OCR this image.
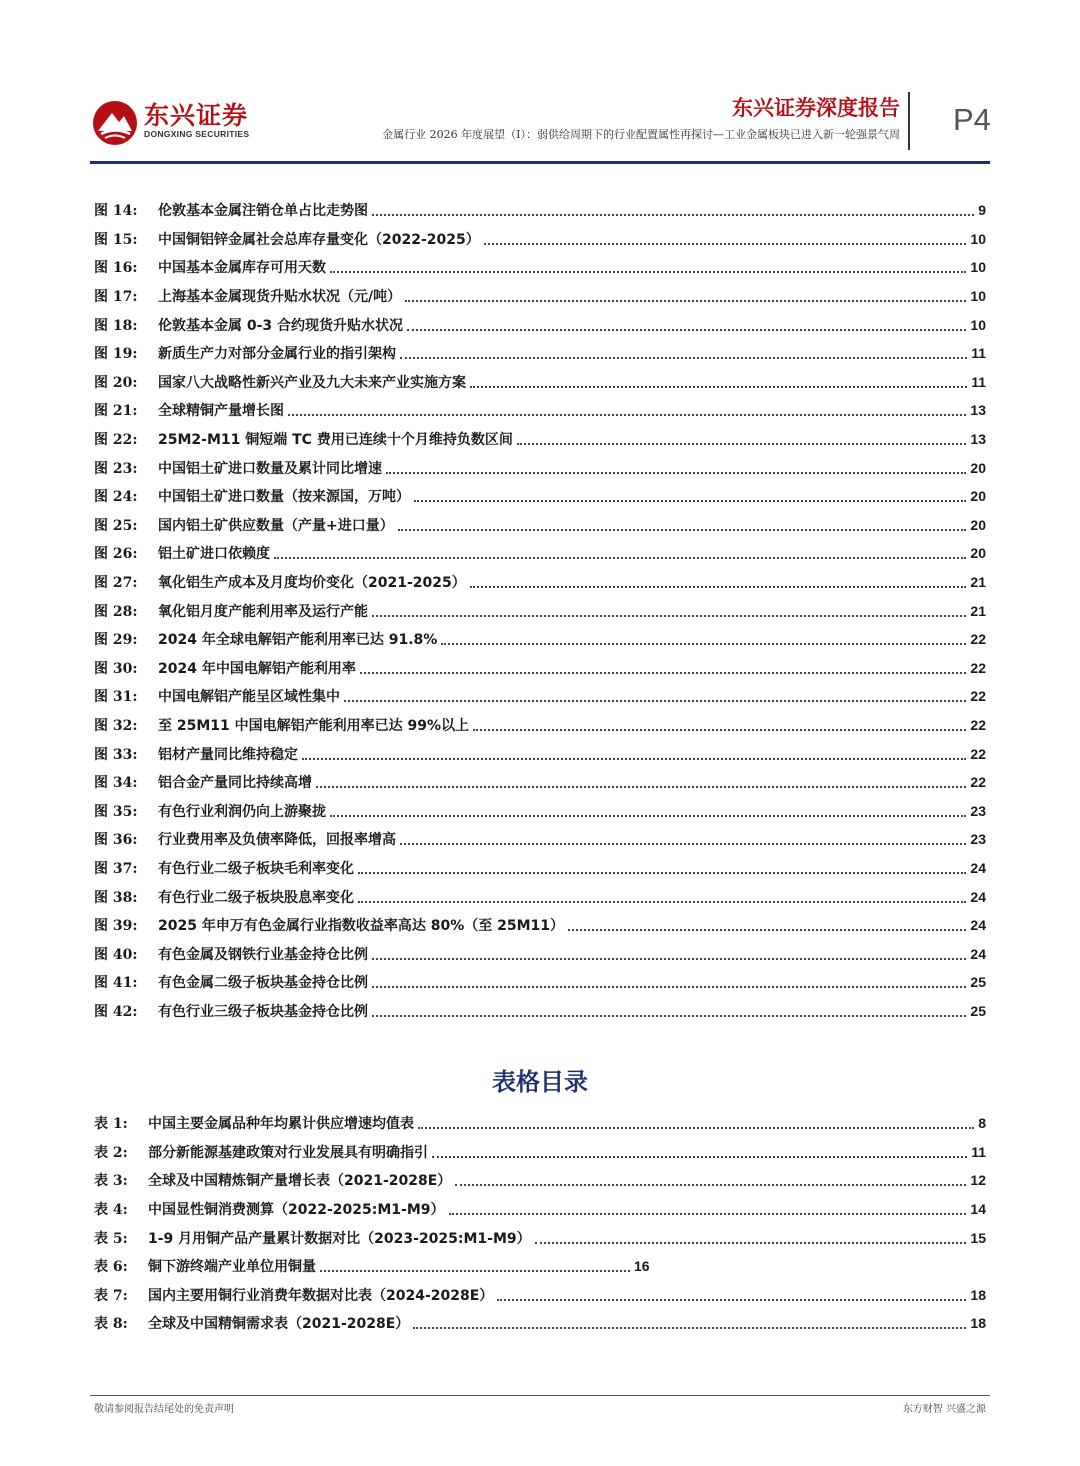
东兴证券
DONGXING SECURITIES
东兴证券深度报告
金属行业 2026 年度展望（I）：弱供给周期下的行业配置属性再探讨—工业金属板块已进入新一轮强景气周 P4
图 14:	伦敦基本金属注销仓单占比走势图	9
图 15:	中国铜铝锌金属社会总库存量变化（2022-2025）	10
图 16:	中国基本金属库存可用天数	10
图 17:	上海基本金属现货升贴水状况（元/吨）	10
图 18:	伦敦基本金属 0-3 合约现货升贴水状况	10
图 19:	新质生产力对部分金属行业的指引架构	11
图 20:	国家八大战略性新兴产业及九大未来产业实施方案	11
图 21:	全球精铜产量增长图	13
图 22:	25M2-M11 铜短端 TC 费用已连续十个月维持负数区间	13
图 23:	中国铝土矿进口数量及累计同比增速	20
图 24:	中国铝土矿进口数量（按来源国，万吨）	20
图 25:	国内铝土矿供应数量（产量+进口量）	20
图 26:	铝土矿进口依赖度	20
图 27:	氧化铝生产成本及月度均价变化（2021-2025）	21
图 28:	氧化铝月度产能利用率及运行产能	21
图 29:	2024 年全球电解铝产能利用率已达 91.8%	22
图 30:	2024 年中国电解铝产能利用率	22
图 31:	中国电解铝产能呈区域性集中	22
图 32:	至 25M11 中国电解铝产能利用率已达 99%以上	22
图 33:	铝材产量同比维持稳定	22
图 34:	铝合金产量同比持续高增	22
图 35:	有色行业利润仍向上游聚拢	23
图 36:	行业费用率及负债率降低，回报率增高	23
图 37:	有色行业二级子板块毛利率变化	24
图 38:	有色行业二级子板块股息率变化	24
图 39:	2025 年申万有色金属行业指数收益率高达 80%（至 25M11）	24
图 40:	有色金属及钢铁行业基金持仓比例	24
图 41:	有色金属二级子板块基金持仓比例	25
图 42:	有色行业三级子板块基金持仓比例	25
表格目录
表 1:	中国主要金属品种年均累计供应增速均值表	8
表 2:	部分新能源基建政策对行业发展具有明确指引	11
表 3:	全球及中国精炼铜产量增长表（2021-2028E）	12
表 4:	中国显性铜消费测算（2022-2025:M1-M9）	14
表 5:	1-9 月用铜产品产量累计数据对比（2023-2025:M1-M9）	15
表 6:	铜下游终端产业单位用铜量	16
表 7:	国内主要用铜行业消费年数据对比表（2024-2028E）	18
表 8:	全球及中国精铜需求表（2021-2028E）	18
敬请参阅报告结尾处的免责声明	东方财智 兴盛之源
